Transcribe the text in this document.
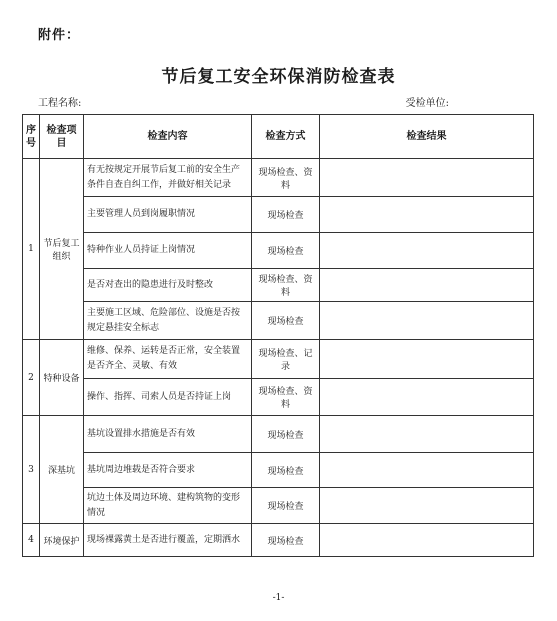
附件：
节后复工安全环保消防检查表
工程名称:	受检单位:
序号	检查项目	检查内容	检查方式	检查结果
1	节后复工组织	有无按规定开展节后复工前的安全生产条件自查自纠工作，并做好相关记录	现场检查、资料	
		主要管理人员到岗履职情况	现场检查	
		特种作业人员持证上岗情况	现场检查	
		是否对查出的隐患进行及时整改	现场检查、资料	
		主要施工区域、危险部位、设施是否按规定悬挂安全标志	现场检查	
2	特种设备	维修、保养、运转是否正常，安全装置是否齐全、灵敏、有效	现场检查、记录	
		操作、指挥、司索人员是否持证上岗	现场检查、资料	
3	深基坑	基坑设置排水措施是否有效	现场检查	
		基坑周边堆载是否符合要求	现场检查	
		坑边土体及周边环境、建构筑物的变形情况	现场检查	
4	环境保护	现场裸露黄土是否进行覆盖，定期洒水	现场检查	
-1-
